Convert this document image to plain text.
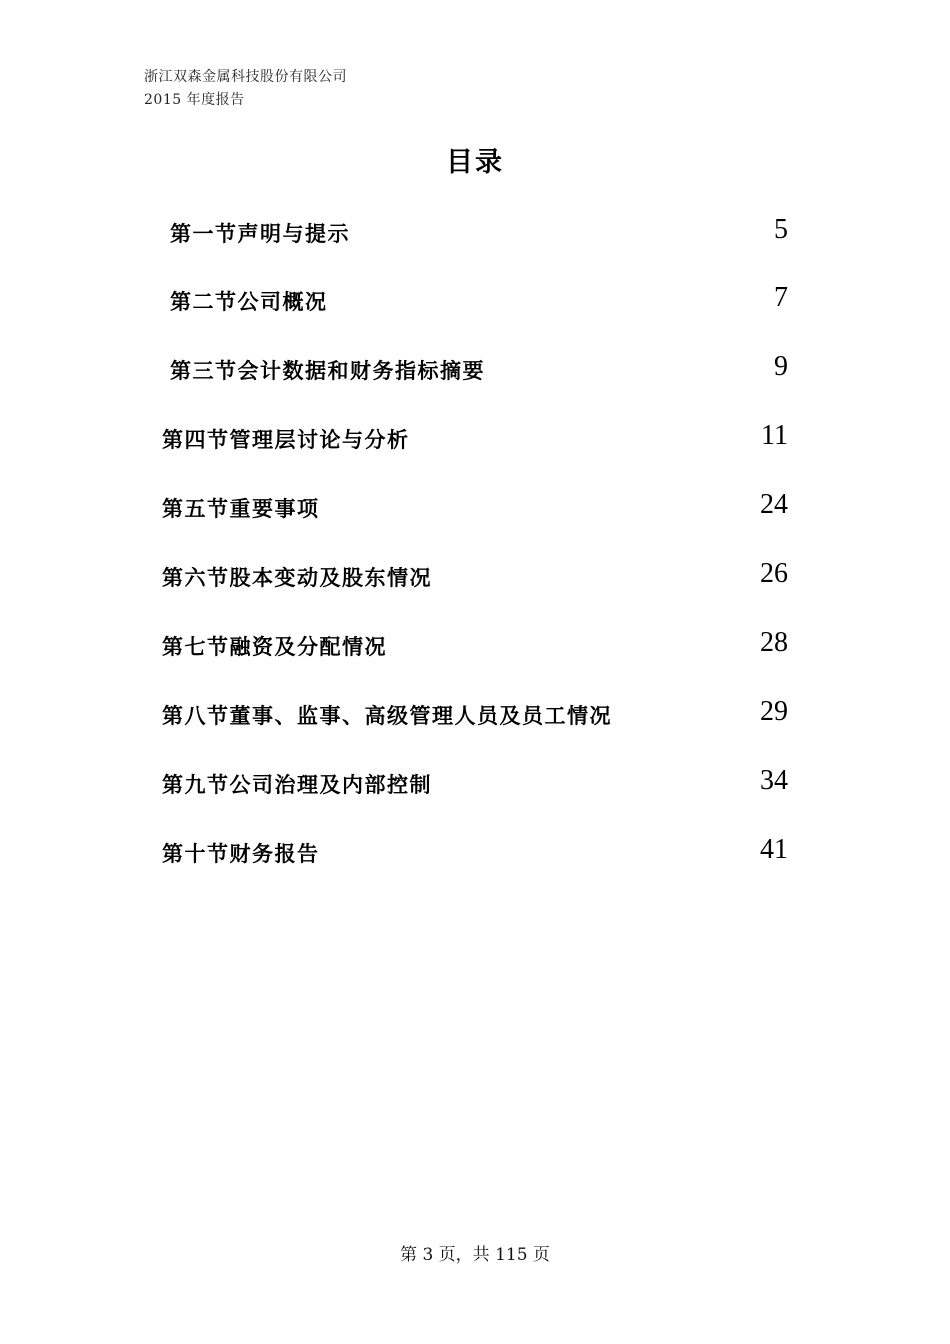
浙江双森金属科技股份有限公司
2015 年度报告
目录
第一节声明与提示	5
第二节公司概况	7
第三节会计数据和财务指标摘要	9
第四节管理层讨论与分析	11
第五节重要事项	24
第六节股本变动及股东情况	26
第七节融资及分配情况	28
第八节董事、监事、高级管理人员及员工情况	29
第九节公司治理及内部控制	34
第十节财务报告	41
第 3 页，共 115 页
